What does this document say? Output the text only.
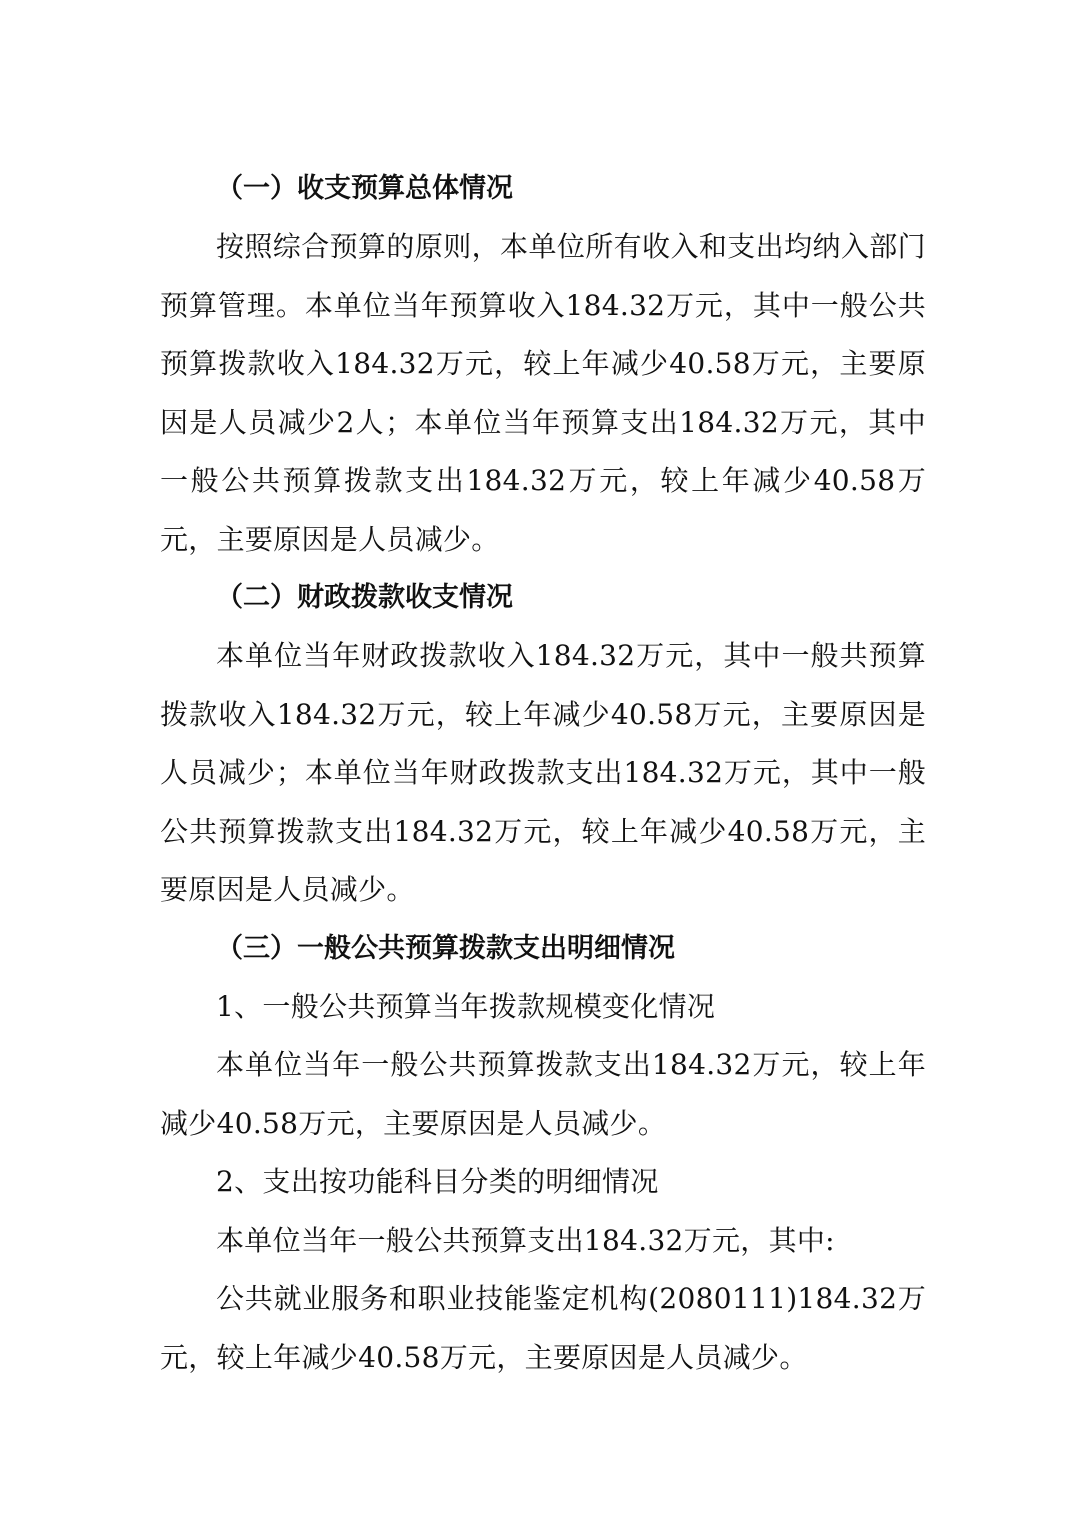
（一）收支预算总体情况

按照综合预算的原则，本单位所有收入和支出均纳入部门预算管理。本单位当年预算收入184.32万元，其中一般公共预算拨款收入184.32万元，较上年减少40.58万元，主要原因是人员减少2人；本单位当年预算支出184.32万元，其中一般公共预算拨款支出184.32万元，较上年减少40.58万元，主要原因是人员减少。

（二）财政拨款收支情况

本单位当年财政拨款收入184.32万元，其中一般共预算拨款收入184.32万元，较上年减少40.58万元，主要原因是人员减少；本单位当年财政拨款支出184.32万元，其中一般公共预算拨款支出184.32万元，较上年减少40.58万元，主要原因是人员减少。

（三）一般公共预算拨款支出明细情况

1、一般公共预算当年拨款规模变化情况

本单位当年一般公共预算拨款支出184.32万元，较上年减少40.58万元，主要原因是人员减少。

2、支出按功能科目分类的明细情况

本单位当年一般公共预算支出184.32万元，其中:

公共就业服务和职业技能鉴定机构(2080111)184.32万元，较上年减少40.58万元，主要原因是人员减少。
